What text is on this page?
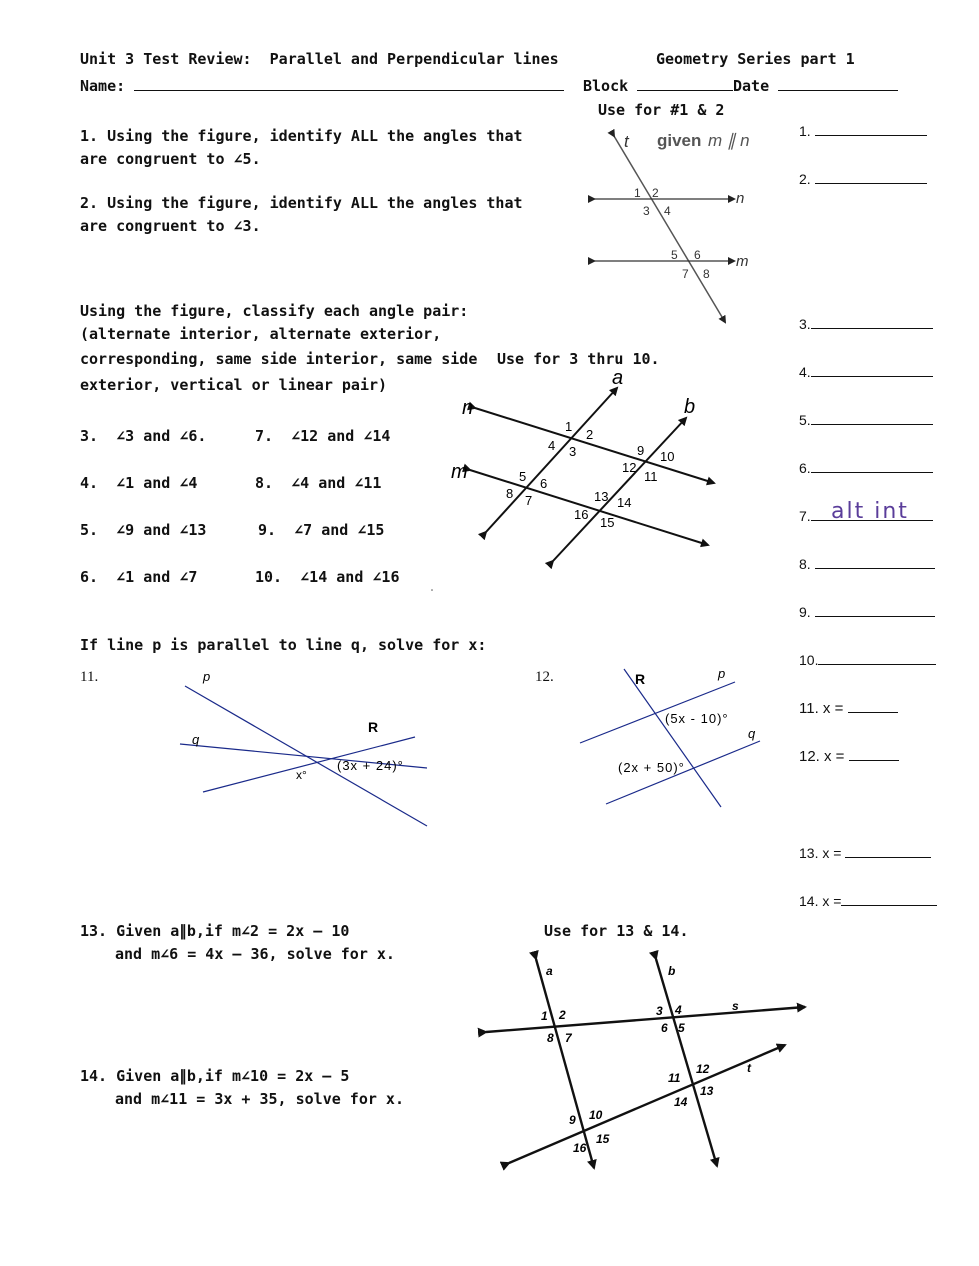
Unit 3 Test Review:  Parallel and Perpendicular lines	Geometry Series part 1
Name:	Block	Date
Use for #1 & 2
1. Using the figure, identify ALL the angles that
are congruent to ∠5.
2. Using the figure, identify ALL the angles that
are congruent to ∠3.
t given m ∥ n
n
m
1 2
3 4
5 6
7 8
Using the figure, classify each angle pair:
(alternate interior, alternate exterior,
corresponding, same side interior, same side
exterior, vertical or linear pair)
Use for 3 thru 10.
3.  ∠3 and ∠6.
4.  ∠1 and ∠4
5.  ∠9 and ∠13
6.  ∠1 and ∠7
7.  ∠12 and ∠14
8.  ∠4 and ∠11
9.  ∠7 and ∠15
10.  ∠14 and ∠16
a
b
n
m
1
2
3
4
5 6
7
8
9 10
11
12
13 14
15
16
If line p is parallel to line q, solve for x:
11.	12.
p
q
R
(3x + 24)°
x°
p
q
R
(5x - 10)°
(2x + 50)°
13. Given a∥b,if m∠2 = 2x – 10
and m∠6 = 4x – 36, solve for x.
14. Given a∥b,if m∠10 = 2x – 5
and m∠11 = 3x + 35, solve for x.
Use for 13 & 14.
a	b
s
t
1 2	3 4
5
6
7
8
9 10
11
12
13
14
15
16
1.
2.
3.
4.
5.
6.
7. alt int
8.
9.
10.
11. x =
12. x =
13. x =
14. x =
